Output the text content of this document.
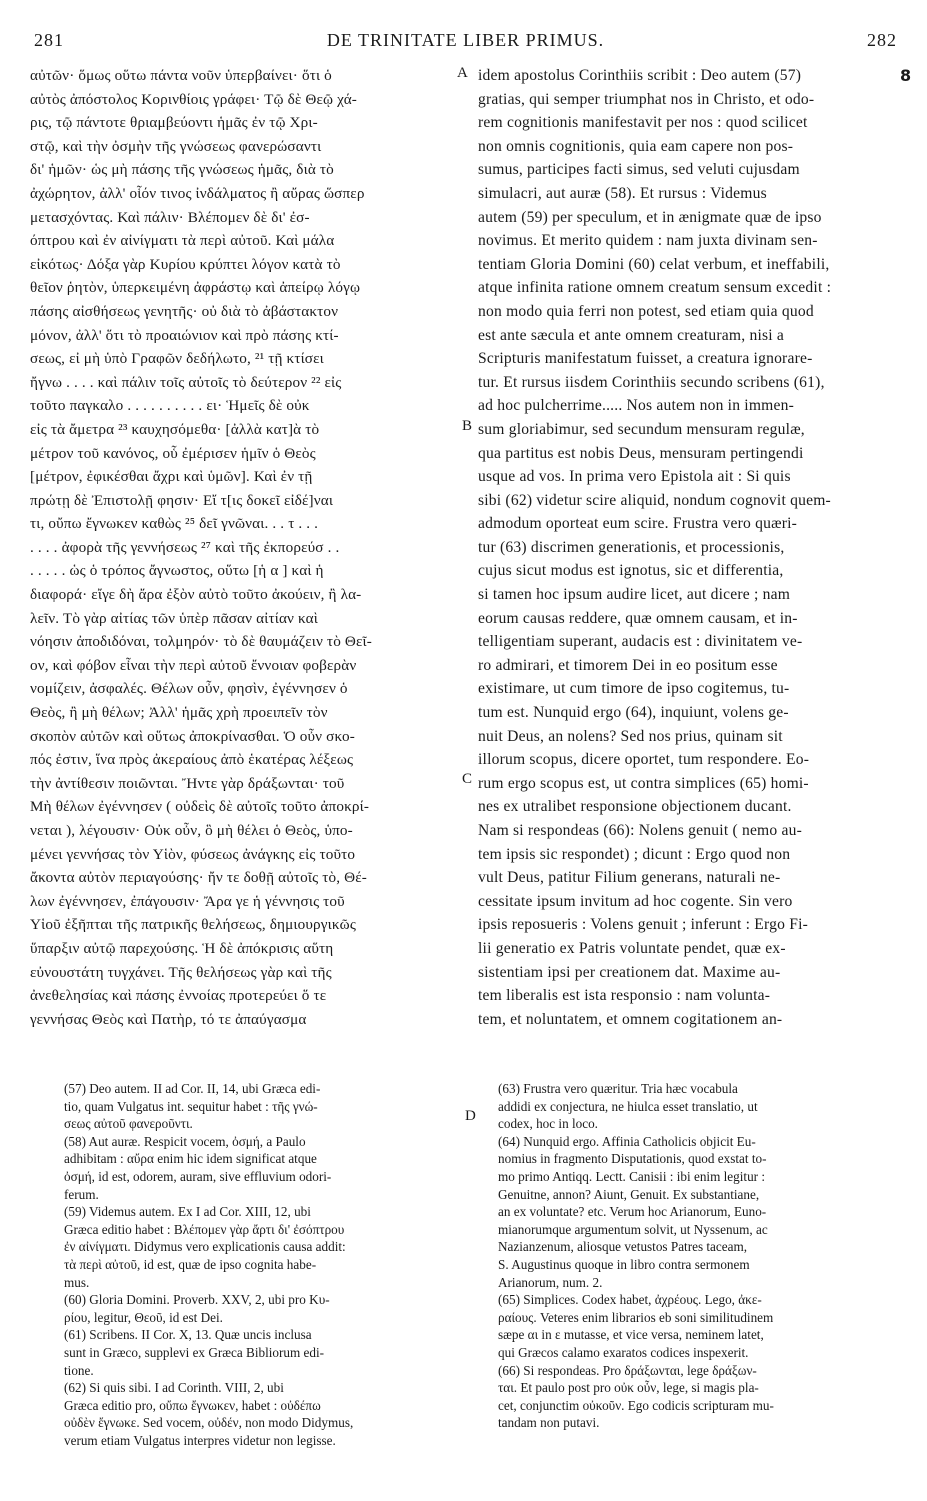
281	DE TRINITATE LIBER PRIMUS.	282
αὐτῶν· ὅμως οὕτω πάντα νοῦν ὑπερβαίνει· ὅτι ὁ
αὐτὸς ἀπόστολος Κορινθίοις γράφει· Τῷ δὲ Θεῷ χά-
ρις, τῷ πάντοτε θριαμβεύοντι ἡμᾶς ἐν τῷ Χρι-
στῷ, καὶ τὴν ὀσμὴν τῆς γνώσεως φανερώσαντι
δι' ἡμῶν· ὡς μὴ πάσης τῆς γνώσεως ἡμᾶς, διὰ τὸ
ἀχώρητον, ἀλλ' οἷόν τινος ἰνδάλματος ἢ αὔρας ὥσπερ
μετασχόντας. Καὶ πάλιν· Βλέπομεν δὲ δι' ἐσ-
όπτρου καὶ ἐν αἰνίγματι τὰ περὶ αὐτοῦ. Καὶ μάλα
εἰκότως· Δόξα γὰρ Κυρίου κρύπτει λόγον κατὰ τὸ
θεῖον ῥητὸν, ὑπερκειμένη ἀφράστῳ καὶ ἀπείρῳ λόγῳ
πάσης αἰσθήσεως γενητῆς· οὐ διὰ τὸ ἀβάστακτον
μόνον, ἀλλ' ὅτι τὸ προαιώνιον καὶ πρὸ πάσης κτί-
σεως, εἰ μὴ ὑπὸ Γραφῶν δεδήλωτο, ²¹ τῇ κτίσει
ἤγνω . . . . καὶ πάλιν τοῖς αὐτοῖς τὸ δεύτερον ²² εἰς
τοῦτο παγκαλο . . . . . . . . . . ει· Ἡμεῖς δὲ οὐκ
εἰς τὰ ἄμετρα ²³ καυχησόμεθα· [ἀλλὰ κατ]ὰ τὸ
μέτρον τοῦ κανόνος, οὗ ἐμέρισεν ἡμῖν ὁ Θεὸς
[μέτρον, ἐφικέσθαι ἄχρι καὶ ὑμῶν]. Καὶ ἐν τῇ
πρώτῃ δὲ Ἐπιστολῇ φησιν· Εἴ τ[ις δοκεῖ εἰδέ]ναι
τι, οὔπω ἔγνωκεν καθὼς ²⁵ δεῖ γνῶναι. . . τ . . .
. . . . ἀφορὰ τῆς γεννήσεως ²⁷ καὶ τῆς ἐκπορεύσ . .
. . . . . ὡς ὁ τρόπος ἄγνωστος, οὕτω [ἡ α ] καὶ ἡ
διαφορά· εἴγε δὴ ἄρα ἐξὸν αὐτὸ τοῦτο ἀκούειν, ἢ λα-
λεῖν. Τὸ γὰρ αἰτίας τῶν ὑπὲρ πᾶσαν αἰτίαν καὶ
νόησιν ἀποδιδόναι, τολμηρόν· τὸ δὲ θαυμάζειν τὸ Θεῖ-
ον, καὶ φόβον εἶναι τὴν περὶ αὐτοῦ ἔννοιαν φοβερὰν
νομίζειν, ἀσφαλές. Θέλων οὖν, φησὶν, ἐγέννησεν ὁ
Θεὸς, ἢ μὴ θέλων; Ἀλλ' ἡμᾶς χρὴ προειπεῖν τὸν
σκοπὸν αὐτῶν καὶ οὕτως ἀποκρίνασθαι. Ὁ οὖν σκο-
πός ἐστιν, ἵνα πρὸς ἀκεραίους ἀπὸ ἑκατέρας λέξεως
τὴν ἀντίθεσιν ποιῶνται. Ἤντε γὰρ δράξωνται· τοῦ
Μὴ θέλων ἐγέννησεν ( οὐδεὶς δὲ αὐτοῖς τοῦτο ἀποκρί-
νεται ), λέγουσιν· Οὐκ οὖν, ὃ μὴ θέλει ὁ Θεὸς, ὑπο-
μένει γεννήσας τὸν Υἱὸν, φύσεως ἀνάγκης εἰς τοῦτο
ἄκοντα αὐτὸν περιαγούσης· ἤν τε δοθῇ αὐτοῖς τὸ, Θέ-
λων ἐγέννησεν, ἐπάγουσιν· Ἄρα γε ἡ γέννησις τοῦ
Υἱοῦ ἐξῆπται τῆς πατρικῆς θελήσεως, δημιουργικῶς
ὕπαρξιν αὐτῷ παρεχούσης. Ἡ δὲ ἀπόκρισις αὕτη
εὐνουστάτη τυγχάνει. Τῆς θελήσεως γὰρ καὶ τῆς
ἀνεθελησίας καὶ πάσης ἐννοίας προτερεύει ὅ τε
γεννήσας Θεὸς καὶ Πατὴρ, τό τε ἀπαύγασμα
idem apostolus Corinthiis scribit : Deo autem (57)
gratias, qui semper triumphat nos in Christo, et odo-
rem cognitionis manifestavit per nos : quod scilicet
non omnis cognitionis, quia eam capere non pos-
sumus, participes facti simus, sed veluti cujusdam
simulacri, aut auræ (58). Et rursus : Videmus
autem (59) per speculum, et in ænigmate quæ de ipso
novimus. Et merito quidem : nam juxta divinam sen-
tentiam Gloria Domini (60) celat verbum, et ineffabili,
atque infinita ratione omnem creatum sensum excedit :
non modo quia ferri non potest, sed etiam quia quod
est ante sæcula et ante omnem creaturam, nisi a
Scripturis manifestatum fuisset, a creatura ignorare-
tur. Et rursus iisdem Corinthiis secundo scribens (61),
ad hoc pulcherrime..... Nos autem non in immen-
sum gloriabimur, sed secundum mensuram regulæ,
qua partitus est nobis Deus, mensuram pertingendi
usque ad vos. In prima vero Epistola ait : Si quis
sibi (62) videtur scire aliquid, nondum cognovit quem-
admodum oporteat eum scire. Frustra vero quæri-
tur (63) discrimen generationis, et processionis,
cujus sicut modus est ignotus, sic et differentia,
si tamen hoc ipsum audire licet, aut dicere ; nam
eorum causas reddere, quæ omnem causam, et in-
telligentiam superant, audacis est : divinitatem ve-
ro admirari, et timorem Dei in eo positum esse
existimare, ut cum timore de ipso cogitemus, tu-
tum est. Nunquid ergo (64), inquiunt, volens ge-
nuit Deus, an nolens? Sed nos prius, quinam sit
illorum scopus, dicere oportet, tum respondere. Eo-
rum ergo scopus est, ut contra simplices (65) homi-
nes ex utralibet responsione objectionem ducant.
Nam si respondeas (66): Nolens genuit ( nemo au-
tem ipsis sic respondet) ; dicunt : Ergo quod non
vult Deus, patitur Filium generans, naturali ne-
cessitate ipsum invitum ad hoc cogente. Sin vero
ipsis reposueris : Volens genuit ; inferunt : Ergo Fi-
lii generatio ex Patris voluntate pendet, quæ ex-
sistentiam ipsi per creationem dat. Maxime au-
tem liberalis est ista responsio : nam volunta-
tem, et noluntatem, et omnem cogitationem an-
A
B
C
D
8
(57) Deo autem. II ad Cor. II, 14, ubi Græca edi-
tio, quam Vulgatus int. sequitur habet : τῆς γνώ-
σεως αὐτοῦ φανεροῦντι.
(58) Aut auræ. Respicit vocem, ὀσμή, a Paulo
adhibitam : αὔρα enim hic idem significat atque
ὀσμή, id est, odorem, auram, sive effluvium odori-
ferum.
(59) Videmus autem. Ex I ad Cor. XIII, 12, ubi
Græca editio habet : Βλέπομεν γὰρ ἄρτι δι' ἐσόπτρου
ἐν αἰνίγματι. Didymus vero explicationis causa addit:
τὰ περὶ αὐτοῦ, id est, quæ de ipso cognita habe-
mus.
(60) Gloria Domini. Proverb. XXV, 2, ubi pro Κυ-
ρίου, legitur, Θεοῦ, id est Dei.
(61) Scribens. II Cor. X, 13. Quæ uncis inclusa
sunt in Græco, supplevi ex Græca Bibliorum edi-
tione.
(62) Si quis sibi. I ad Corinth. VIII, 2, ubi
Græca editio pro, οὔπω ἔγνωκεν, habet : οὐδέπω
οὐδὲν ἔγνωκε. Sed vocem, οὐδέν, non modo Didymus,
verum etiam Vulgatus interpres videtur non legisse.
(63) Frustra vero quæritur. Tria hæc vocabula
addidi ex conjectura, ne hiulca esset translatio, ut
codex, hoc in loco.
(64) Nunquid ergo. Affinia Catholicis objicit Eu-
nomius in fragmento Disputationis, quod exstat to-
mo primo Antiqq. Lectt. Canisii : ibi enim legitur :
Genuitne, annon? Aiunt, Genuit. Ex substantiane,
an ex voluntate? etc. Verum hoc Arianorum, Euno-
mianorumque argumentum solvit, ut Nyssenum, ac
Nazianzenum, aliosque vetustos Patres taceam,
S. Augustinus quoque in libro contra sermonem
Arianorum, num. 2.
(65) Simplices. Codex habet, ἀχρέους. Lego, ἀκε-
ραίους. Veteres enim librarios eb soni similitudinem
sæpe αι in ε mutasse, et vice versa, neminem latet,
qui Græcos calamo exaratos codices inspexerit.
(66) Si respondeas. Pro δράξωνται, lege δράξων-
ται. Et paulo post pro οὐκ οὖν, lege, si magis pla-
cet, conjunctim οὐκοῦν. Ego codicis scripturam mu-
tandam non putavi.
